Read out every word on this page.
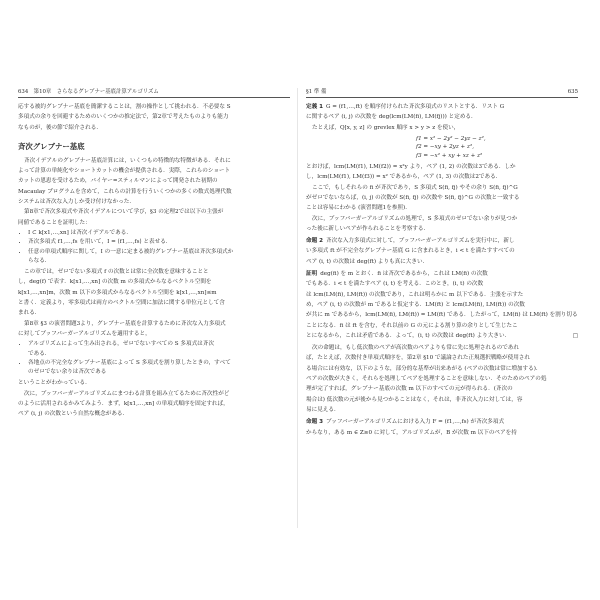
634　第10章　さらなるグレブナー基底計算アルゴリズム

応する被約グレブナー基底を簡潔することは，割の操作として挑われる．不必要な S

多項式の余りを回避するためのいくつかの推定法で，第2章で考えたものよりも能力

なものが，後の節で紹介される．

斉次グレブナー基底

斉次イデアルのグレブナー基底計算には，いくつもの特徴的な特徴がある．それに

よって計算の単純化やショートカットの機会が提供される．実際，これらのショート

カットの恩恵を受けるため，バイヤー=スティルマンによって開発された初期の

Macaulay プログラムを含めて，これらの計算を行ういくつかの多くの数式処理代数

システムは斉次な入力しか受け付けなかった．

第8章で斉次多項式や斉次イデアルについて学び，§3 の定理2では以下の主張が

同値であることを証明した：

• I ⊂ k[x1,…,xn] は斉次イデアルである．
• 斉次多項式 f1,…,fs を用いて，I = ⟨f1,…,fs⟩ と表せる．
• 任意の単項式順序に関して，I の一意に定まる被約グレブナー基底は斉次多項式か
らなる．

この章では，ゼロでない多項式 f の次数とは常に全次数を意味することと

し，deg(f) で表す．k[x1,…,xn] の次数 m の多項式からなるベクトル空間を

k[x1,…,xn]m，次数 m 以下の多項式からなるベクトル空間を k[x1,…,xn]≤m

と書く．定義より，零多項式は両方のベクトル空間に加法に関する単位元として含

まれる．

第8章 §3 の演習問題3より，グレブナー基底を計算するために斉次な入力多項式

に対してブッフバーガーアルゴリズムを適用すると，

• アルゴリズムによって生み出される，ゼロでないすべての S 多項式は斉次
である．
• 各地点の不完全なグレブナー基底によって S 多項式を割り算したときの，すべて
のゼロでない余りは斉次である

ということがわかっている．

次に，ブッフバーガーアルゴリズムにまつわる計算を組み立てるために斉次性がど

のように活用されるかみてみよう．まず，k[x1,…,xn] の単項式順序を固定すれば，

ペア (i, j) の次数という自然な概念がある．

§1 準 備	635

定義 1 G = (f1,…,ft) を順序付けられた斉次多項式のリストとする．リスト G

に関するペア (i, j) の次数を deg(lcm(LM(fi), LM(fj))) と定める．

たとえば，Q[x, y, z] の grevlex 順序 x > y > z を使い，

f1 = x² − 2y² − 2yz − z²,
f2 = −xy + 2yz + z²,
f3 = −x² + xy + xz + z²

とおけば，lcm(LM(f1), LM(f2)) = x²y より，ペア (1, 2) の次数は3である．しか

し，lcm(LM(f1), LM(f3)) = x² であるから，ペア (1, 3) の次数は2である．

ここで，もしそれらの fi が斉次であり，S 多項式 S(fi, fj) やその余り S(fi, fj)^G

がゼロでないならば，(i, j) の次数が S(fi, fj) の次数や S(fi, fj)^G の次数と一致する

ことは容易にわかる (演習問題1を参照)．

次に，ブッフバーガーアルゴリズムの処理で，S 多項式のゼロでない余りが見つか

った後に新しいペアが作られることを考察する．

命題 2 斉次な入力多項式に対して，ブッフバーガーアルゴリズムを実行中に，新し

い多項式 ft が不完全なグレブナー基底 G に含まれるとき，i < t を満たすすべての

ペア (i, t) の次数は deg(ft) よりも真に大きい．

証明 deg(fi) を m とおく．fi は斉次であるから，これは LM(fi) の次数

でもある．i < t を満たすペア (i, t) を考える．このとき，(i, t) の次数

は lcm(LM(fi), LM(ft)) の次数であり，これは明らかに m 以下である．主張を示すた

め，ペア (i, t) の次数が m であると仮定する．LM(ft) と lcm(LM(fi), LM(ft)) の次数

が共に m であるから，lcm(LM(fi), LM(ft)) = LM(ft) である．したがって，LM(fi) は LM(ft) を割り切る

ことになる．fi は ft を含む，それ以前の G の元による割り算の余りとして生じたこ

とになるから，これは矛盾である．よって，(i, t) の次数は deg(ft) より大きい．	□

次の命題は，もし低次数のペアが高次数のペアよりも常に先に処理されるのであれ

ば，たとえば，次数付き単項式順序を，第2章 §10 で議論された正規選択戦略が使用され

る場合には有効な，以下のような，部分的な基準が出来あがる (ペアの次数は常に増加する)．

ペアの次数が大きく，それらを処理してペアを処理することを意味しない．そのためのペアの処

理が完了すれば，グレブナー基底の次数 m 以下のすべての元が得られる．(斉次の

場合は) 低次数の元が後から見つかることはなく，それは，非斉次入力に対しては，容

易に見える．

命題 3 ブッフバーガーアルゴリズムにおける入力 F = (f1,…,fs) が斉次多項式

からなり，ある m ∈ Z≥0 に対して，アルゴリズムが，B が次数 m 以下のペアを持
